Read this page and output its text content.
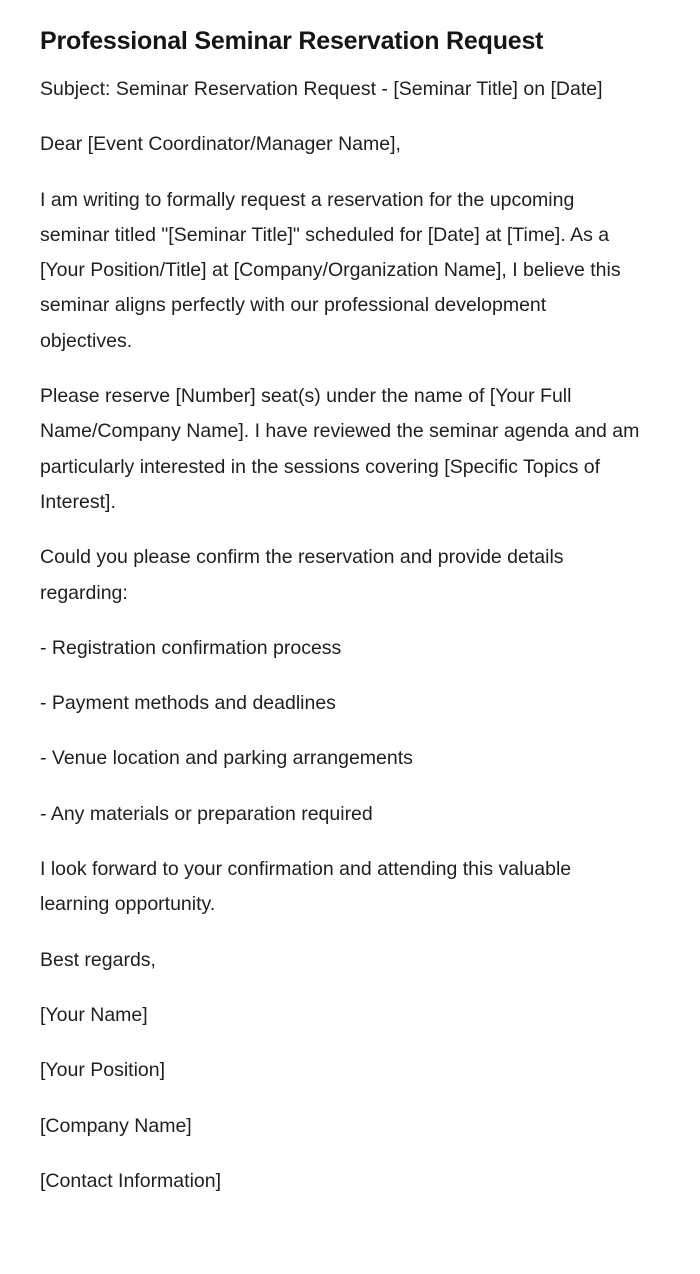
Professional Seminar Reservation Request

Subject: Seminar Reservation Request - [Seminar Title] on [Date]

Dear [Event Coordinator/Manager Name],

I am writing to formally request a reservation for the upcoming seminar titled "[Seminar Title]" scheduled for [Date] at [Time]. As a [Your Position/Title] at [Company/Organization Name], I believe this seminar aligns perfectly with our professional development objectives.

Please reserve [Number] seat(s) under the name of [Your Full Name/Company Name]. I have reviewed the seminar agenda and am particularly interested in the sessions covering [Specific Topics of Interest].

Could you please confirm the reservation and provide details regarding:

- Registration confirmation process

- Payment methods and deadlines

- Venue location and parking arrangements

- Any materials or preparation required

I look forward to your confirmation and attending this valuable learning opportunity.

Best regards,

[Your Name]

[Your Position]

[Company Name]

[Contact Information]
